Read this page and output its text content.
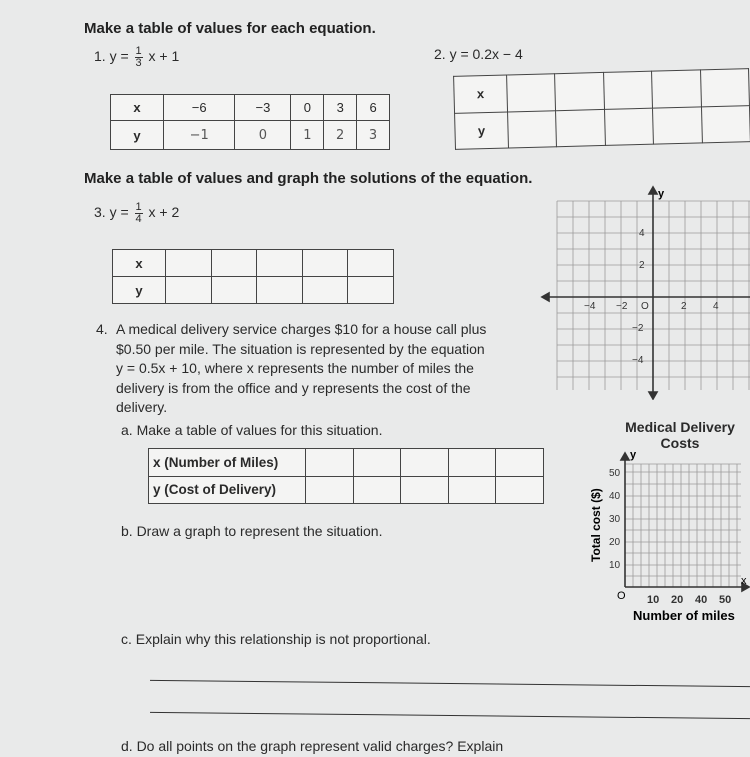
Make a table of values for each equation.
1. $y = \frac{1}{3}$ x + 1	2. y = 0.2x − 4
x	−6	−3	0	3	6
y	−1	0	1	2	3
x					
y					
Make a table of values and graph the solutions of the equation.
3. $y = \frac{1}{4}$ x + 2
x					
y					
y
−4 −2 O	2	4
4
2
−2
−4
4. A medical delivery service charges $10 for a house call plus
$0.50 per mile. The situation is represented by the equation
y = 0.5x + 10, where x represents the number of miles the
delivery is from the office and y represents the cost of the
delivery.
a. Make a table of values for this situation.
x (Number of Miles)					
y (Cost of Delivery)					
b. Draw a graph to represent the situation.
c. Explain why this relationship is not proportional.
d. Do all points on the graph represent valid charges? Explain
Medical Delivery
Costs
y
x
50
40
30
20
10
O 10 20 40 50
Number of miles
Total cost ($)
